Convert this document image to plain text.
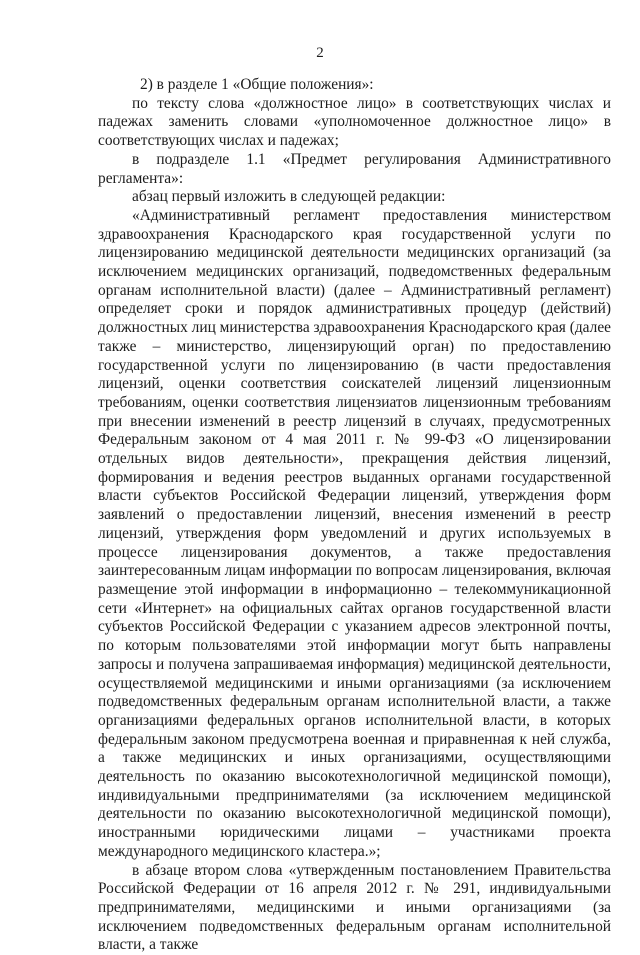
2

2) в разделе 1 «Общие положения»:

по тексту слова «должностное лицо» в соответствующих числах и падежах заменить словами «уполномоченное должностное лицо» в соответствующих числах и падежах;

в подразделе 1.1 «Предмет регулирования Административного регламента»:

абзац первый изложить в следующей редакции:

«Административный регламент предоставления министерством здравоохранения Краснодарского края государственной услуги по лицензированию медицинской деятельности медицинских организаций (за исключением медицинских организаций, подведомственных федеральным органам исполнительной власти) (далее – Административный регламент) определяет сроки и порядок административных процедур (действий) должностных лиц министерства здравоохранения Краснодарского края (далее также – министерство, лицензирующий орган) по предоставлению государственной услуги по лицензированию (в части предоставления лицензий, оценки соответствия соискателей лицензий лицензионным требованиям, оценки соответствия лицензиатов лицензионным требованиям при внесении изменений в реестр лицензий в случаях, предусмотренных Федеральным законом от 4 мая 2011 г. № 99-ФЗ «О лицензировании отдельных видов деятельности», прекращения действия лицензий, формирования и ведения реестров выданных органами государственной власти субъектов Российской Федерации лицензий, утверждения форм заявлений о предоставлении лицензий, внесения изменений в реестр лицензий, утверждения форм уведомлений и других используемых в процессе лицензирования документов, а также предоставления заинтересованным лицам информации по вопросам лицензирования, включая размещение этой информации в информационно – телекоммуникационной сети «Интернет» на официальных сайтах органов государственной власти субъектов Российской Федерации с указанием адресов электронной почты, по которым пользователями этой информации могут быть направлены запросы и получена запрашиваемая информация) медицинской деятельности, осуществляемой медицинскими и иными организациями (за исключением подведомственных федеральным органам исполнительной власти, а также организациями федеральных органов исполнительной власти, в которых федеральным законом предусмотрена военная и приравненная к ней служба, а также медицинских и иных организациями, осуществляющими деятельность по оказанию высокотехнологичной медицинской помощи), индивидуальными предпринимателями (за исключением медицинской деятельности по оказанию высокотехнологичной медицинской помощи), иностранными юридическими лицами – участниками проекта международного медицинского кластера.»;

в абзаце втором слова «утвержденным постановлением Правительства Российской Федерации от 16 апреля 2012 г. № 291, индивидуальными предпринимателями, медицинскими и иными организациями (за исключением подведомственных федеральным органам исполнительной власти, а также
